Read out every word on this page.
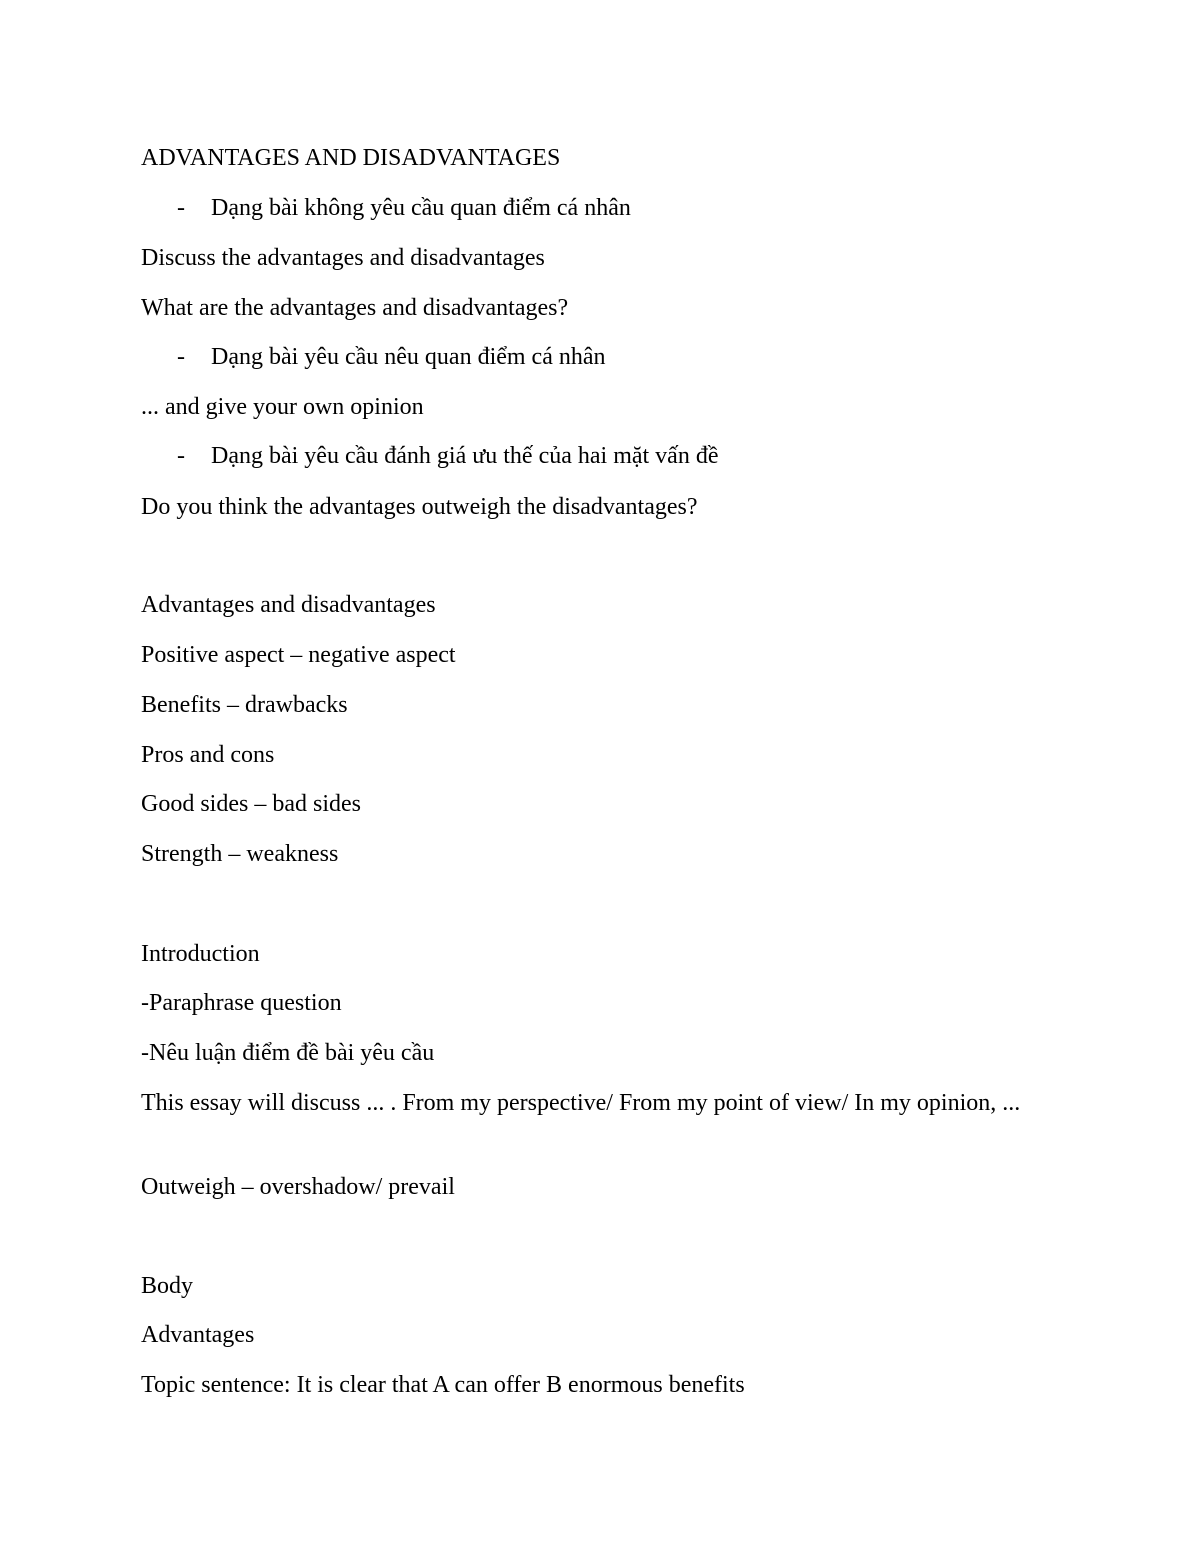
ADVANTAGES AND DISADVANTAGES
- Dạng bài không yêu cầu quan điểm cá nhân
Discuss the advantages and disadvantages
What are the advantages and disadvantages?
- Dạng bài yêu cầu nêu quan điểm cá nhân
... and give your own opinion
- Dạng bài yêu cầu đánh giá ưu thế của hai mặt vấn đề
Do you think the advantages outweigh the disadvantages?
Advantages and disadvantages
Positive aspect – negative aspect
Benefits – drawbacks
Pros and cons
Good sides – bad sides
Strength – weakness
Introduction
-Paraphrase question
-Nêu luận điểm đề bài yêu cầu
This essay will discuss ... . From my perspective/ From my point of view/ In my opinion, ...
Outweigh – overshadow/ prevail
Body
Advantages
Topic sentence: It is clear that A can offer B enormous benefits
